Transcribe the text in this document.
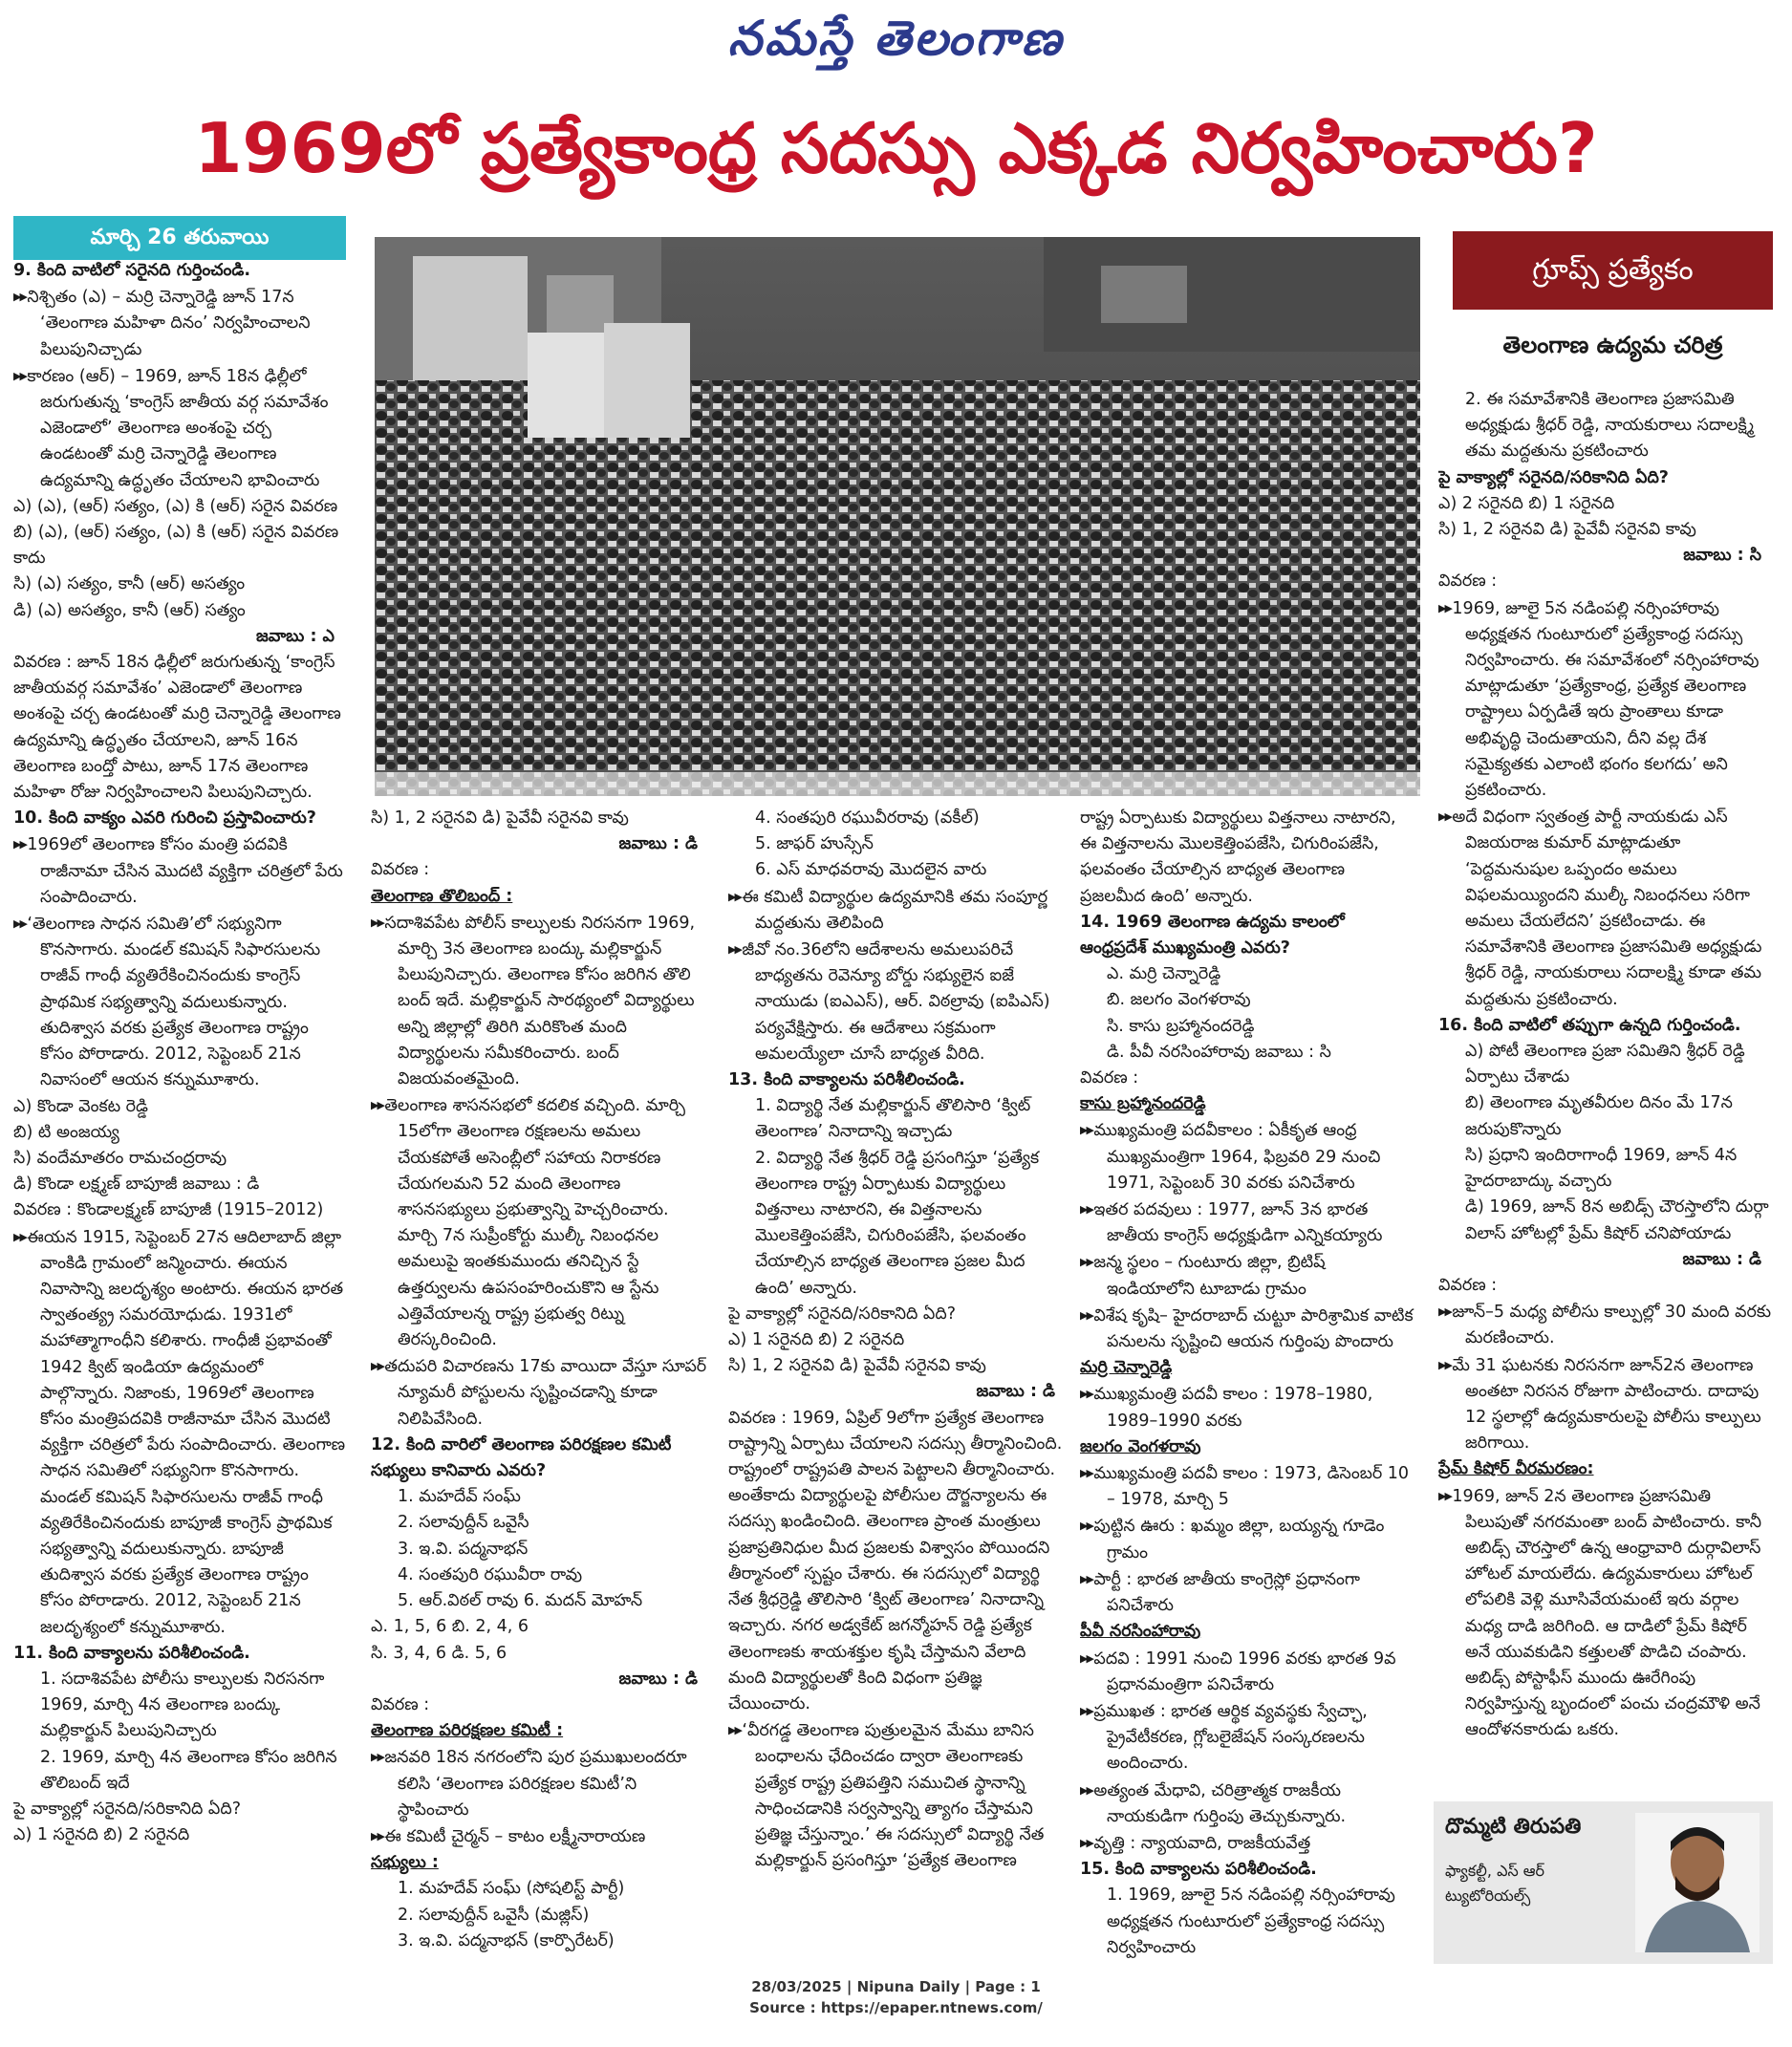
నమస్తే తెలంగాణ
1969లో ప్రత్యేకాంధ్ర సదస్సు ఎక్కడ నిర్వహించారు?
మార్చి 26 తరువాయి
గ్రూప్స్ ప్రత్యేకం
తెలంగాణ ఉద్యమ చరిత్ర

9. కింది వాటిలో సరైనది గుర్తించండి.

▶▶ నిశ్చితం (ఎ) – మర్రి చెన్నారెడ్డి జూన్ 17న ‘తెలంగాణ మహిళా దినం’ నిర్వహించాలని పిలుపునిచ్చాడు

▶▶ కారణం (ఆర్) – 1969, జూన్ 18న ఢిల్లీలో జరుగుతున్న ‘కాంగ్రెస్ జాతీయ వర్గ సమావేశం ఎజెండాలో’ తెలంగాణ అంశంపై చర్చ ఉండటంతో మర్రి చెన్నారెడ్డి తెలంగాణ ఉద్యమాన్ని ఉద్ధృతం చేయాలని భావించారు

ఎ) (ఎ), (ఆర్) సత్యం, (ఎ) కి (ఆర్) సరైన వివరణ

బి) (ఎ), (ఆర్) సత్యం, (ఎ) కి (ఆర్) సరైన వివరణ కాదు

సి) (ఎ) సత్యం, కానీ (ఆర్) అసత్యం

డి) (ఎ) అసత్యం, కానీ (ఆర్) సత్యం

జవాబు : ఎ

వివరణ : జూన్ 18న ఢిల్లీలో జరుగుతున్న ‘కాంగ్రెస్ జాతీయవర్గ సమావేశం’ ఎజెండాలో తెలంగాణ అంశంపై చర్చ ఉండటంతో మర్రి చెన్నారెడ్డి తెలంగాణ ఉద్యమాన్ని ఉద్ధృతం చేయాలని, జూన్ 16న తెలంగాణ బంద్తో పాటు, జూన్ 17న తెలంగాణ మహిళా రోజు నిర్వహించాలని పిలుపునిచ్చారు.

10. కింది వాక్యం ఎవరి గురించి ప్రస్తావించారు?

▶▶ 1969లో తెలంగాణ కోసం మంత్రి పదవికి రాజీనామా చేసిన మొదటి వ్యక్తిగా చరిత్రలో పేరు సంపాదించారు.

▶▶ ‘తెలంగాణ సాధన సమితి’లో సభ్యునిగా కొనసాగారు. మండల్ కమిషన్ సిఫారసులను రాజీవ్ గాంధీ వ్యతిరేకించినందుకు కాంగ్రెస్ ప్రాథమిక సభ్యత్వాన్ని వదులుకున్నారు. తుదిశ్వాస వరకు ప్రత్యేక తెలంగాణ రాష్ట్రం కోసం పోరాడారు. 2012, సెప్టెంబర్ 21న నివాసంలో ఆయన కన్నుమూశారు.

ఎ) కొండా వెంకట రెడ్డి

బి) టి అంజయ్య

సి) వందేమాతరం రామచంద్రరావు

డి) కొండా లక్ష్మణ్ బాపూజీ జవాబు : డి

వివరణ : కొండాలక్ష్మణ్ బాపూజీ (1915–2012)

▶▶ ఈయన 1915, సెప్టెంబర్ 27న ఆదిలాబాద్ జిల్లా వాంకిడి గ్రామంలో జన్మించారు. ఈయన నివాసాన్ని జలదృశ్యం అంటారు. ఈయన భారత స్వాతంత్య్ర సమరయోధుడు. 1931లో మహాత్మాగాంధీని కలిశారు. గాంధీజీ ప్రభావంతో 1942 క్విట్ ఇండియా ఉద్యమంలో పాల్గొన్నారు. నిజాంకు, 1969లో తెలంగాణ కోసం మంత్రిపదవికి రాజీనామా చేసిన మొదటి వ్యక్తిగా చరిత్రలో పేరు సంపాదించారు. తెలంగాణ సాధన సమితిలో సభ్యునిగా కొనసాగారు. మండల్ కమిషన్ సిఫారసులను రాజీవ్ గాంధీ వ్యతిరేకించినందుకు బాపూజీ కాంగ్రెస్ ప్రాథమిక సభ్యత్వాన్ని వదులుకున్నారు. బాపూజీ తుదిశ్వాస వరకు ప్రత్యేక తెలంగాణ రాష్ట్రం కోసం పోరాడారు. 2012, సెప్టెంబర్ 21న జలదృశ్యంలో కన్నుమూశారు.

11. కింది వాక్యాలను పరిశీలించండి.

1. సదాశివపేట పోలీసు కాల్పులకు నిరసనగా 1969, మార్చి 4న తెలంగాణ బంద్కు మల్లికార్జున్ పిలుపునిచ్చారు

2. 1969, మార్చి 4న తెలంగాణ కోసం జరిగిన తొలిబంద్ ఇదే

పై వాక్యాల్లో సరైనది/సరికానిది ఏది?

ఎ) 1 సరైనది బి) 2 సరైనది

సి) 1, 2 సరైనవి డి) పైవేవీ సరైనవి కావు

జవాబు : డి

వివరణ :

తెలంగాణ తొలిబంద్ :

▶▶ సదాశివపేట పోలీస్ కాల్పులకు నిరసనగా 1969, మార్చి 3న తెలంగాణ బంద్కు మల్లికార్జున్ పిలుపునిచ్చారు. తెలంగాణ కోసం జరిగిన తొలి బంద్ ఇదే. మల్లికార్జున్ సారథ్యంలో విద్యార్థులు అన్ని జిల్లాల్లో తిరిగి మరికొంత మంది విద్యార్థులను సమీకరించారు. బంద్ విజయవంతమైంది.

▶▶ తెలంగాణ శాసనసభలో కదలిక వచ్చింది. మార్చి 15లోగా తెలంగాణ రక్షణలను అమలు చేయకపోతే అసెంబ్లీలో సహాయ నిరాకరణ చేయగలమని 52 మంది తెలంగాణ శాసనసభ్యులు ప్రభుత్వాన్ని హెచ్చరించారు. మార్చి 7న సుప్రీంకోర్టు ముల్కీ నిబంధనల అమలుపై ఇంతకుముందు తనిచ్చిన స్టే ఉత్తర్వులను ఉపసంహరించుకొని ఆ స్టేను ఎత్తివేయాలన్న రాష్ట్ర ప్రభుత్వ రిట్ను తిరస్కరించింది.

▶▶ తదుపరి విచారణను 17కు వాయిదా వేస్తూ సూపర్ న్యూమరీ పోస్టులను సృష్టించడాన్ని కూడా నిలిపివేసింది.

12. కింది వారిలో తెలంగాణ పరిరక్షణల కమిటీ సభ్యులు కానివారు ఎవరు?

1. మహదేవ్ సంఘ్

2. సలావుద్దీన్ ఒవైసీ

3. ఇ.వి. పద్మనాభన్

4. సంతపురి రఘువీరా రావు

5. ఆర్.విఠల్ రావు 6. మదన్ మోహన్

ఎ. 1, 5, 6 బి. 2, 4, 6

సి. 3, 4, 6 డి. 5, 6

జవాబు : డి

వివరణ :

తెలంగాణ పరిరక్షణల కమిటీ :

▶▶ జనవరి 18న నగరంలోని పుర ప్రముఖులందరూ కలిసి ‘తెలంగాణ పరిరక్షణల కమిటీ’ని స్థాపించారు

▶▶ ఈ కమిటీ చైర్మన్ – కాటం లక్ష్మీనారాయణ

సభ్యులు :

1. మహదేవ్ సంఘ్ (సోషలిస్ట్ పార్టీ)

2. సలావుద్దీన్ ఒవైసీ (మజ్లిస్)

3. ఇ.వి. పద్మనాభన్ (కార్పొరేటర్)

4. సంతపురి రఘువీరరావు (వకీల్)

5. జాఫర్ హుస్సేన్

6. ఎస్ మాధవరావు మొదలైన వారు

▶▶ ఈ కమిటీ విద్యార్థుల ఉద్యమానికి తమ సంపూర్ణ మద్దతును తెలిపింది

▶▶ జీవో నం.36లోని ఆదేశాలను అమలుపరిచే బాధ్యతను రెవెన్యూ బోర్డు సభ్యులైన ఐజే నాయుడు (ఐఎఎస్), ఆర్. విఠల్రావు (ఐపిఎస్) పర్యవేక్షిస్తారు. ఈ ఆదేశాలు సక్రమంగా అమలయ్యేలా చూసే బాధ్యత వీరిది.

13. కింది వాక్యాలను పరిశీలించండి.

1. విద్యార్థి నేత మల్లికార్జున్ తొలిసారి ‘క్విట్ తెలంగాణ’ నినాదాన్ని ఇచ్చాడు

2. విద్యార్థి నేత శ్రీధర్ రెడ్డి ప్రసంగిస్తూ ‘ప్రత్యేక తెలంగాణ రాష్ట్ర ఏర్పాటుకు విద్యార్థులు విత్తనాలు నాటారని, ఈ విత్తనాలను మొలకెత్తింపజేసి, చిగురింపజేసి, ఫలవంతం చేయాల్సిన బాధ్యత తెలంగాణ ప్రజల మీద ఉంది’ అన్నారు.

పై వాక్యాల్లో సరైనది/సరికానిది ఏది?

ఎ) 1 సరైనది బి) 2 సరైనది

సి) 1, 2 సరైనవి డి) పైవేవీ సరైనవి కావు

జవాబు : డి

వివరణ : 1969, ఏప్రిల్ 9లోగా ప్రత్యేక తెలంగాణ రాష్ట్రాన్ని ఏర్పాటు చేయాలని సదస్సు తీర్మానించింది. రాష్ట్రంలో రాష్ట్రపతి పాలన పెట్టాలని తీర్మానించారు. అంతేకాదు విద్యార్థులపై పోలీసుల దౌర్జన్యాలను ఈ సదస్సు ఖండించింది. తెలంగాణ ప్రాంత మంత్రులు ప్రజాప్రతినిధుల మీద ప్రజలకు విశ్వాసం పోయిందని తీర్మానంలో స్పష్టం చేశారు. ఈ సదస్సులో విద్యార్థి నేత శ్రీధర్రెడ్డి తొలిసారి ‘క్విట్ తెలంగాణ’ నినాదాన్ని ఇచ్చారు. నగర అడ్వకేట్ జగన్మోహన్ రెడ్డి ప్రత్యేక తెలంగాణకు శాయశక్తుల కృషి చేస్తామని వేలాది మంది విద్యార్థులతో కింది విధంగా ప్రతిజ్ఞ చేయించారు.

▶▶ ‘వీరగడ్డ తెలంగాణ పుత్రులమైన మేము బానిస బంధాలను ఛేదించడం ద్వారా తెలంగాణకు ప్రత్యేక రాష్ట్ర ప్రతిపత్తిని సముచిత స్థానాన్ని సాధించడానికి సర్వస్వాన్ని త్యాగం చేస్తామని ప్రతిజ్ఞ చేస్తున్నాం.’ ఈ సదస్సులో విద్యార్థి నేత మల్లికార్జున్ ప్రసంగిస్తూ ‘ప్రత్యేక తెలంగాణ

రాష్ట్ర ఏర్పాటుకు విద్యార్థులు విత్తనాలు నాటారని, ఈ విత్తనాలను మొలకెత్తింపజేసి, చిగురింపజేసి, ఫలవంతం చేయాల్సిన బాధ్యత తెలంగాణ ప్రజలమీద ఉంది’ అన్నారు.

14. 1969 తెలంగాణ ఉద్యమ కాలంలో ఆంధ్రప్రదేశ్ ముఖ్యమంత్రి ఎవరు?

ఎ. మర్రి చెన్నారెడ్డి

బి. జలగం వెంగళరావు

సి. కాసు బ్రహ్మానందరెడ్డి

డి. పీవీ నరసింహారావు జవాబు : సి

వివరణ :

కాసు బ్రహ్మానందరెడ్డి

▶▶ ముఖ్యమంత్రి పదవీకాలం : ఏకీకృత ఆంధ్ర ముఖ్యమంత్రిగా 1964, ఫిబ్రవరి 29 నుంచి 1971, సెప్టెంబర్ 30 వరకు పనిచేశారు

▶▶ ఇతర పదవులు : 1977, జూన్ 3న భారత జాతీయ కాంగ్రెస్ అధ్యక్షుడిగా ఎన్నికయ్యారు

▶▶ జన్మ స్థలం – గుంటూరు జిల్లా, బ్రిటిష్ ఇండియాలోని టూబాడు గ్రామం

▶▶ విశేష కృషి– హైదరాబాద్ చుట్టూ పారిశ్రామిక వాటిక పనులను సృష్టించి ఆయన గుర్తింపు పొందారు

మర్రి చెన్నారెడ్డి

▶▶ ముఖ్యమంత్రి పదవీ కాలం : 1978–1980, 1989–1990 వరకు

జలగం వెంగళరావు

▶▶ ముఖ్యమంత్రి పదవీ కాలం : 1973, డిసెంబర్ 10 – 1978, మార్చి 5

▶▶ పుట్టిన ఊరు : ఖమ్మం జిల్లా, బయ్యన్న గూడెం గ్రామం

▶▶ పార్టీ : భారత జాతీయ కాంగ్రెస్లో ప్రధానంగా పనిచేశారు

పీవీ నరసింహారావు

▶▶ పదవి : 1991 నుంచి 1996 వరకు భారత 9వ ప్రధానమంత్రిగా పనిచేశారు

▶▶ ప్రముఖత : భారత ఆర్థిక వ్యవస్థకు స్వేచ్ఛా, ప్రైవేటీకరణ, గ్లోబలైజేషన్ సంస్కరణలను అందించారు.

▶▶ అత్యంత మేధావి, చరిత్రాత్మక రాజకీయ నాయకుడిగా గుర్తింపు తెచ్చుకున్నారు.

▶▶ వృత్తి : న్యాయవాది, రాజకీయవేత్త

15. కింది వాక్యాలను పరిశీలించండి.

1. 1969, జూలై 5న నడింపల్లి నర్సింహారావు అధ్యక్షతన గుంటూరులో ప్రత్యేకాంధ్ర సదస్సు నిర్వహించారు

2. ఈ సమావేశానికి తెలంగాణ ప్రజాసమితి అధ్యక్షుడు శ్రీధర్ రెడ్డి, నాయకురాలు సదాలక్ష్మి తమ మద్దతును ప్రకటించారు

పై వాక్యాల్లో సరైనది/సరికానిది ఏది?

ఎ) 2 సరైనది బి) 1 సరైనది

సి) 1, 2 సరైనవి డి) పైవేవీ సరైనవి కావు

జవాబు : సి

వివరణ :

▶▶ 1969, జూలై 5న నడింపల్లి నర్సింహారావు అధ్యక్షతన గుంటూరులో ప్రత్యేకాంధ్ర సదస్సు నిర్వహించారు. ఈ సమావేశంలో నర్సింహారావు మాట్లాడుతూ ‘ప్రత్యేకాంధ్ర, ప్రత్యేక తెలంగాణ రాష్ట్రాలు ఏర్పడితే ఇరు ప్రాంతాలు కూడా అభివృద్ధి చెందుతాయని, దీని వల్ల దేశ సమైక్యతకు ఎలాంటి భంగం కలగదు’ అని ప్రకటించారు.

▶▶ అదే విధంగా స్వతంత్ర పార్టీ నాయకుడు ఎస్ విజయరాజ కుమార్ మాట్లాడుతూ ‘పెద్దమనుషుల ఒప్పందం అమలు విఫలమయ్యిందని ముల్కీ నిబంధనలు సరిగా అమలు చేయలేదని’ ప్రకటించాడు. ఈ సమావేశానికి తెలంగాణ ప్రజాసమితి అధ్యక్షుడు శ్రీధర్ రెడ్డి, నాయకురాలు సదాలక్ష్మి కూడా తమ మద్దతును ప్రకటించారు.

16. కింది వాటిలో తప్పుగా ఉన్నది గుర్తించండి.

ఎ) పోటీ తెలంగాణ ప్రజా సమితిని శ్రీధర్ రెడ్డి ఏర్పాటు చేశాడు

బి) తెలంగాణ మృతవీరుల దినం మే 17న జరుపుకొన్నారు

సి) ప్రధాని ఇందిరాగాంధీ 1969, జూన్ 4న హైదరాబాద్కు వచ్చారు

డి) 1969, జూన్ 8న అబిడ్స్ చౌరస్తాలోని దుర్గా విలాస్ హోటల్లో ప్రేమ్ కిషోర్ చనిపోయాడు

జవాబు : డి

వివరణ :

▶▶ జూన్–5 మధ్య పోలీసు కాల్పుల్లో 30 మంది వరకు మరణించారు.

▶▶ మే 31 ఘటనకు నిరసనగా జూన్2న తెలంగాణ అంతటా నిరసన రోజుగా పాటించారు. దాదాపు 12 స్థలాల్లో ఉద్యమకారులపై పోలీసు కాల్పులు జరిగాయి.

ప్రేమ్ కిషోర్ వీరమరణం:

▶▶ 1969, జూన్ 2న తెలంగాణ ప్రజాసమితి పిలుపుతో నగరమంతా బంద్ పాటించారు. కానీ అబిడ్స్ చౌరస్తాలో ఉన్న ఆంధ్రావారి దుర్గావిలాస్ హోటల్ మాయలేదు. ఉద్యమకారులు హోటల్ లోపలికి వెళ్లి మూసివేయమంటే ఇరు వర్గాల మధ్య దాడి జరిగింది. ఆ దాడిలో ప్రేమ్ కిషోర్ అనే యువకుడిని కత్తులతో పొడిచి చంపారు. అబిడ్స్ పోస్టాఫీస్ ముందు ఊరేగింపు నిర్వహిస్తున్న బృందంలో పంచు చంద్రమౌళి అనే ఆందోళనకారుడు ఒకరు.

దొమ్మటి తిరుపతి
ఫ్యాకల్టీ, ఎస్ ఆర్ ట్యుటోరియల్స్
28/03/2025 | Nipuna Daily | Page : 1
Source : https://epaper.ntnews.com/
